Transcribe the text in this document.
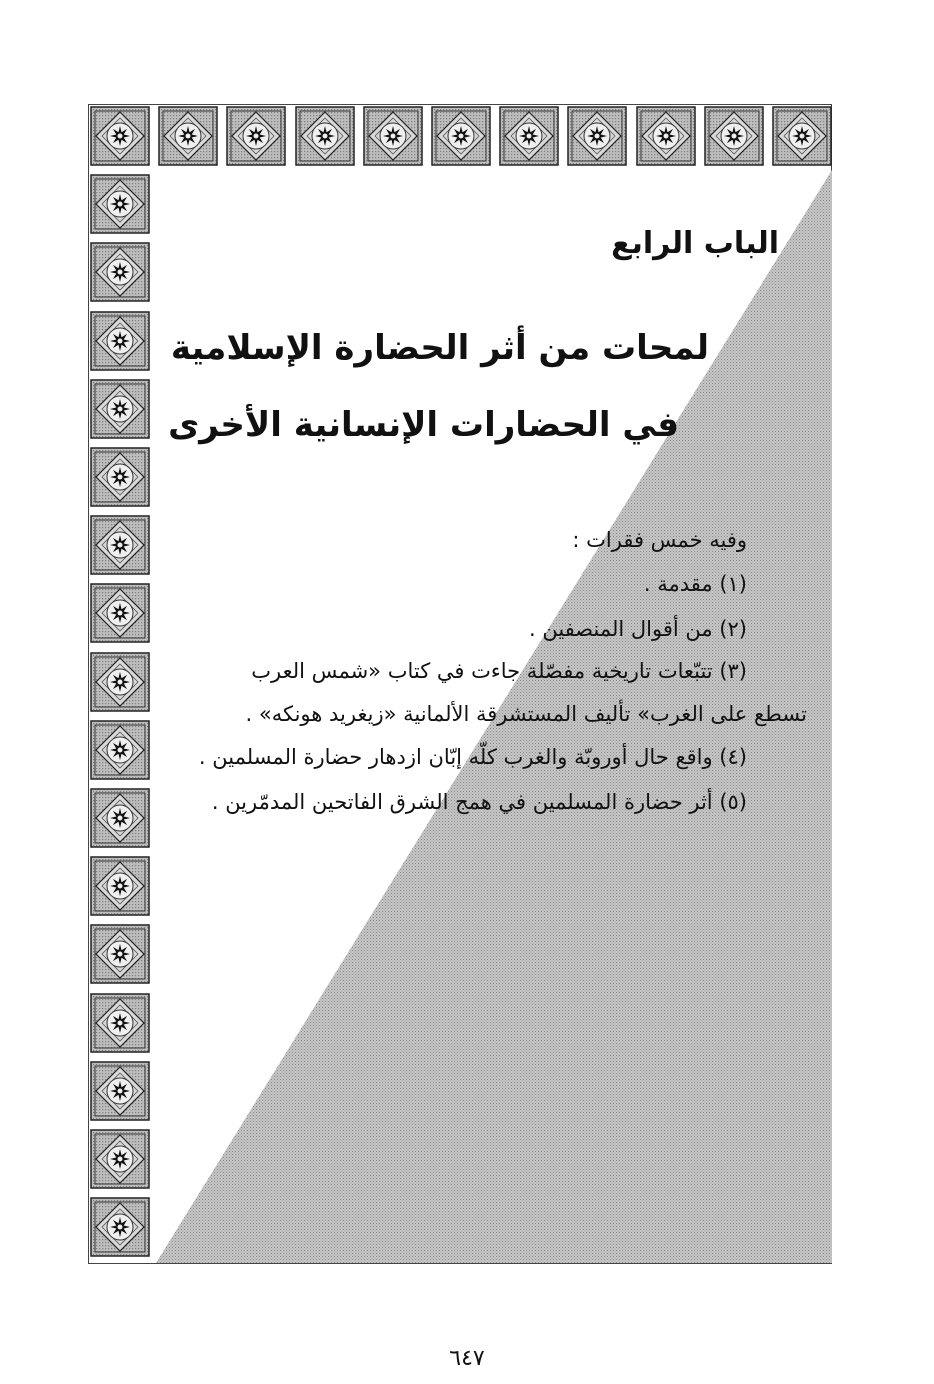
الباب الرابع
لمحات من أثر الحضارة الإسلامية
في الحضارات الإنسانية الأخرى
وفيه خمس فقرات :
(١) مقدمة .
(٢) من أقوال المنصفين .
(٣) تتبّعات تاريخية مفصّلة جاءت في كتاب «شمس العرب
تسطع على الغرب» تأليف المستشرقة الألمانية «زيغريد هونكه» .
(٤) واقع حال أوروبّة والغرب كلّه إبّان ازدهار حضارة المسلمين .
(٥) أثر حضارة المسلمين في همج الشرق الفاتحين المدمّرين .
٦٤٧
